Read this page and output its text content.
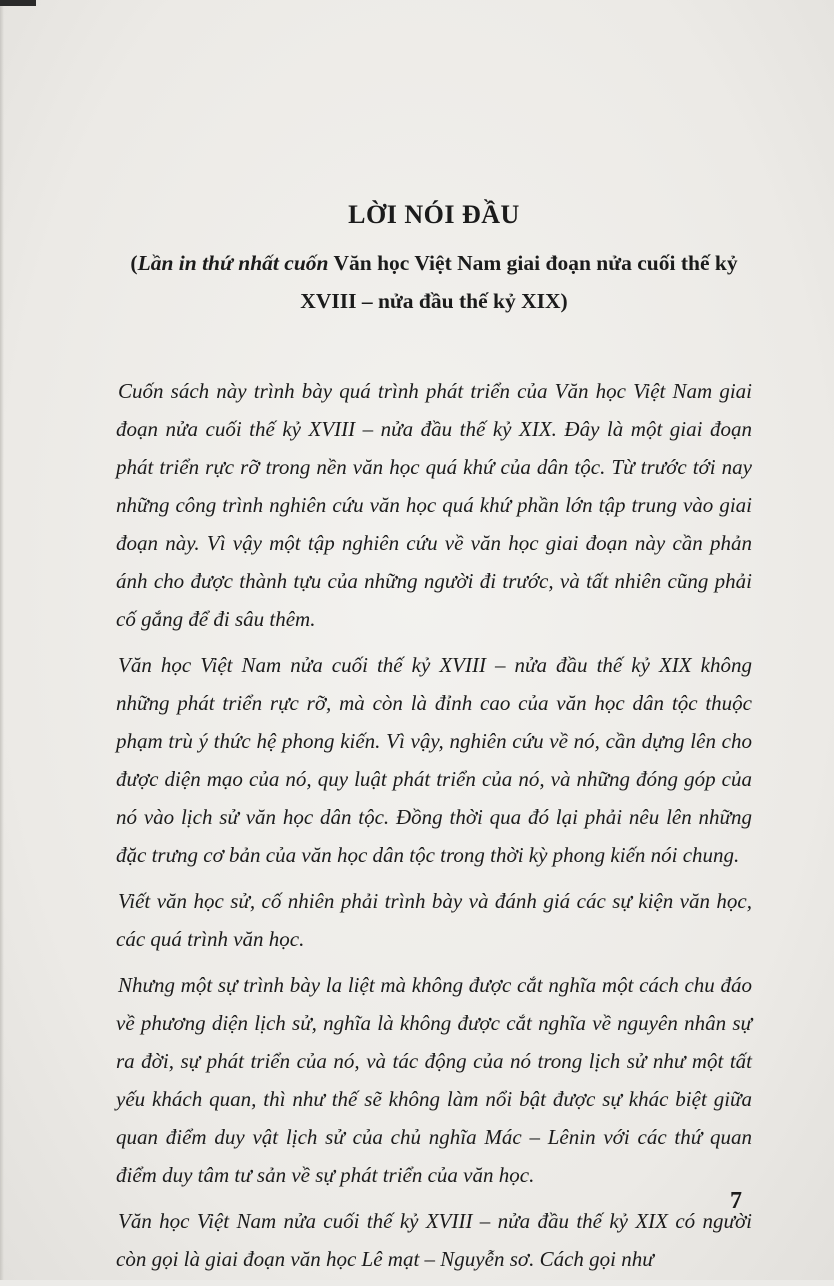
LỜI NÓI ĐẦU
(Lần in thứ nhất cuốn Văn học Việt Nam giai đoạn nửa cuối thế kỷ XVIII – nửa đầu thế kỷ XIX)

Cuốn sách này trình bày quá trình phát triển của Văn học Việt Nam giai đoạn nửa cuối thế kỷ XVIII – nửa đầu thế kỷ XIX. Đây là một giai đoạn phát triển rực rỡ trong nền văn học quá khứ của dân tộc. Từ trước tới nay những công trình nghiên cứu văn học quá khứ phần lớn tập trung vào giai đoạn này. Vì vậy một tập nghiên cứu về văn học giai đoạn này cần phản ánh cho được thành tựu của những người đi trước, và tất nhiên cũng phải cố gắng để đi sâu thêm.

Văn học Việt Nam nửa cuối thế kỷ XVIII – nửa đầu thế kỷ XIX không những phát triển rực rỡ, mà còn là đỉnh cao của văn học dân tộc thuộc phạm trù ý thức hệ phong kiến. Vì vậy, nghiên cứu về nó, cần dựng lên cho được diện mạo của nó, quy luật phát triển của nó, và những đóng góp của nó vào lịch sử văn học dân tộc. Đồng thời qua đó lại phải nêu lên những đặc trưng cơ bản của văn học dân tộc trong thời kỳ phong kiến nói chung.

Viết văn học sử, cố nhiên phải trình bày và đánh giá các sự kiện văn học, các quá trình văn học.

Nhưng một sự trình bày la liệt mà không được cắt nghĩa một cách chu đáo về phương diện lịch sử, nghĩa là không được cắt nghĩa về nguyên nhân sự ra đời, sự phát triển của nó, và tác động của nó trong lịch sử như một tất yếu khách quan, thì như thế sẽ không làm nổi bật được sự khác biệt giữa quan điểm duy vật lịch sử của chủ nghĩa Mác – Lênin với các thứ quan điểm duy tâm tư sản về sự phát triển của văn học.

Văn học Việt Nam nửa cuối thế kỷ XVIII – nửa đầu thế kỷ XIX có người còn gọi là giai đoạn văn học Lê mạt – Nguyễn sơ. Cách gọi như

7
